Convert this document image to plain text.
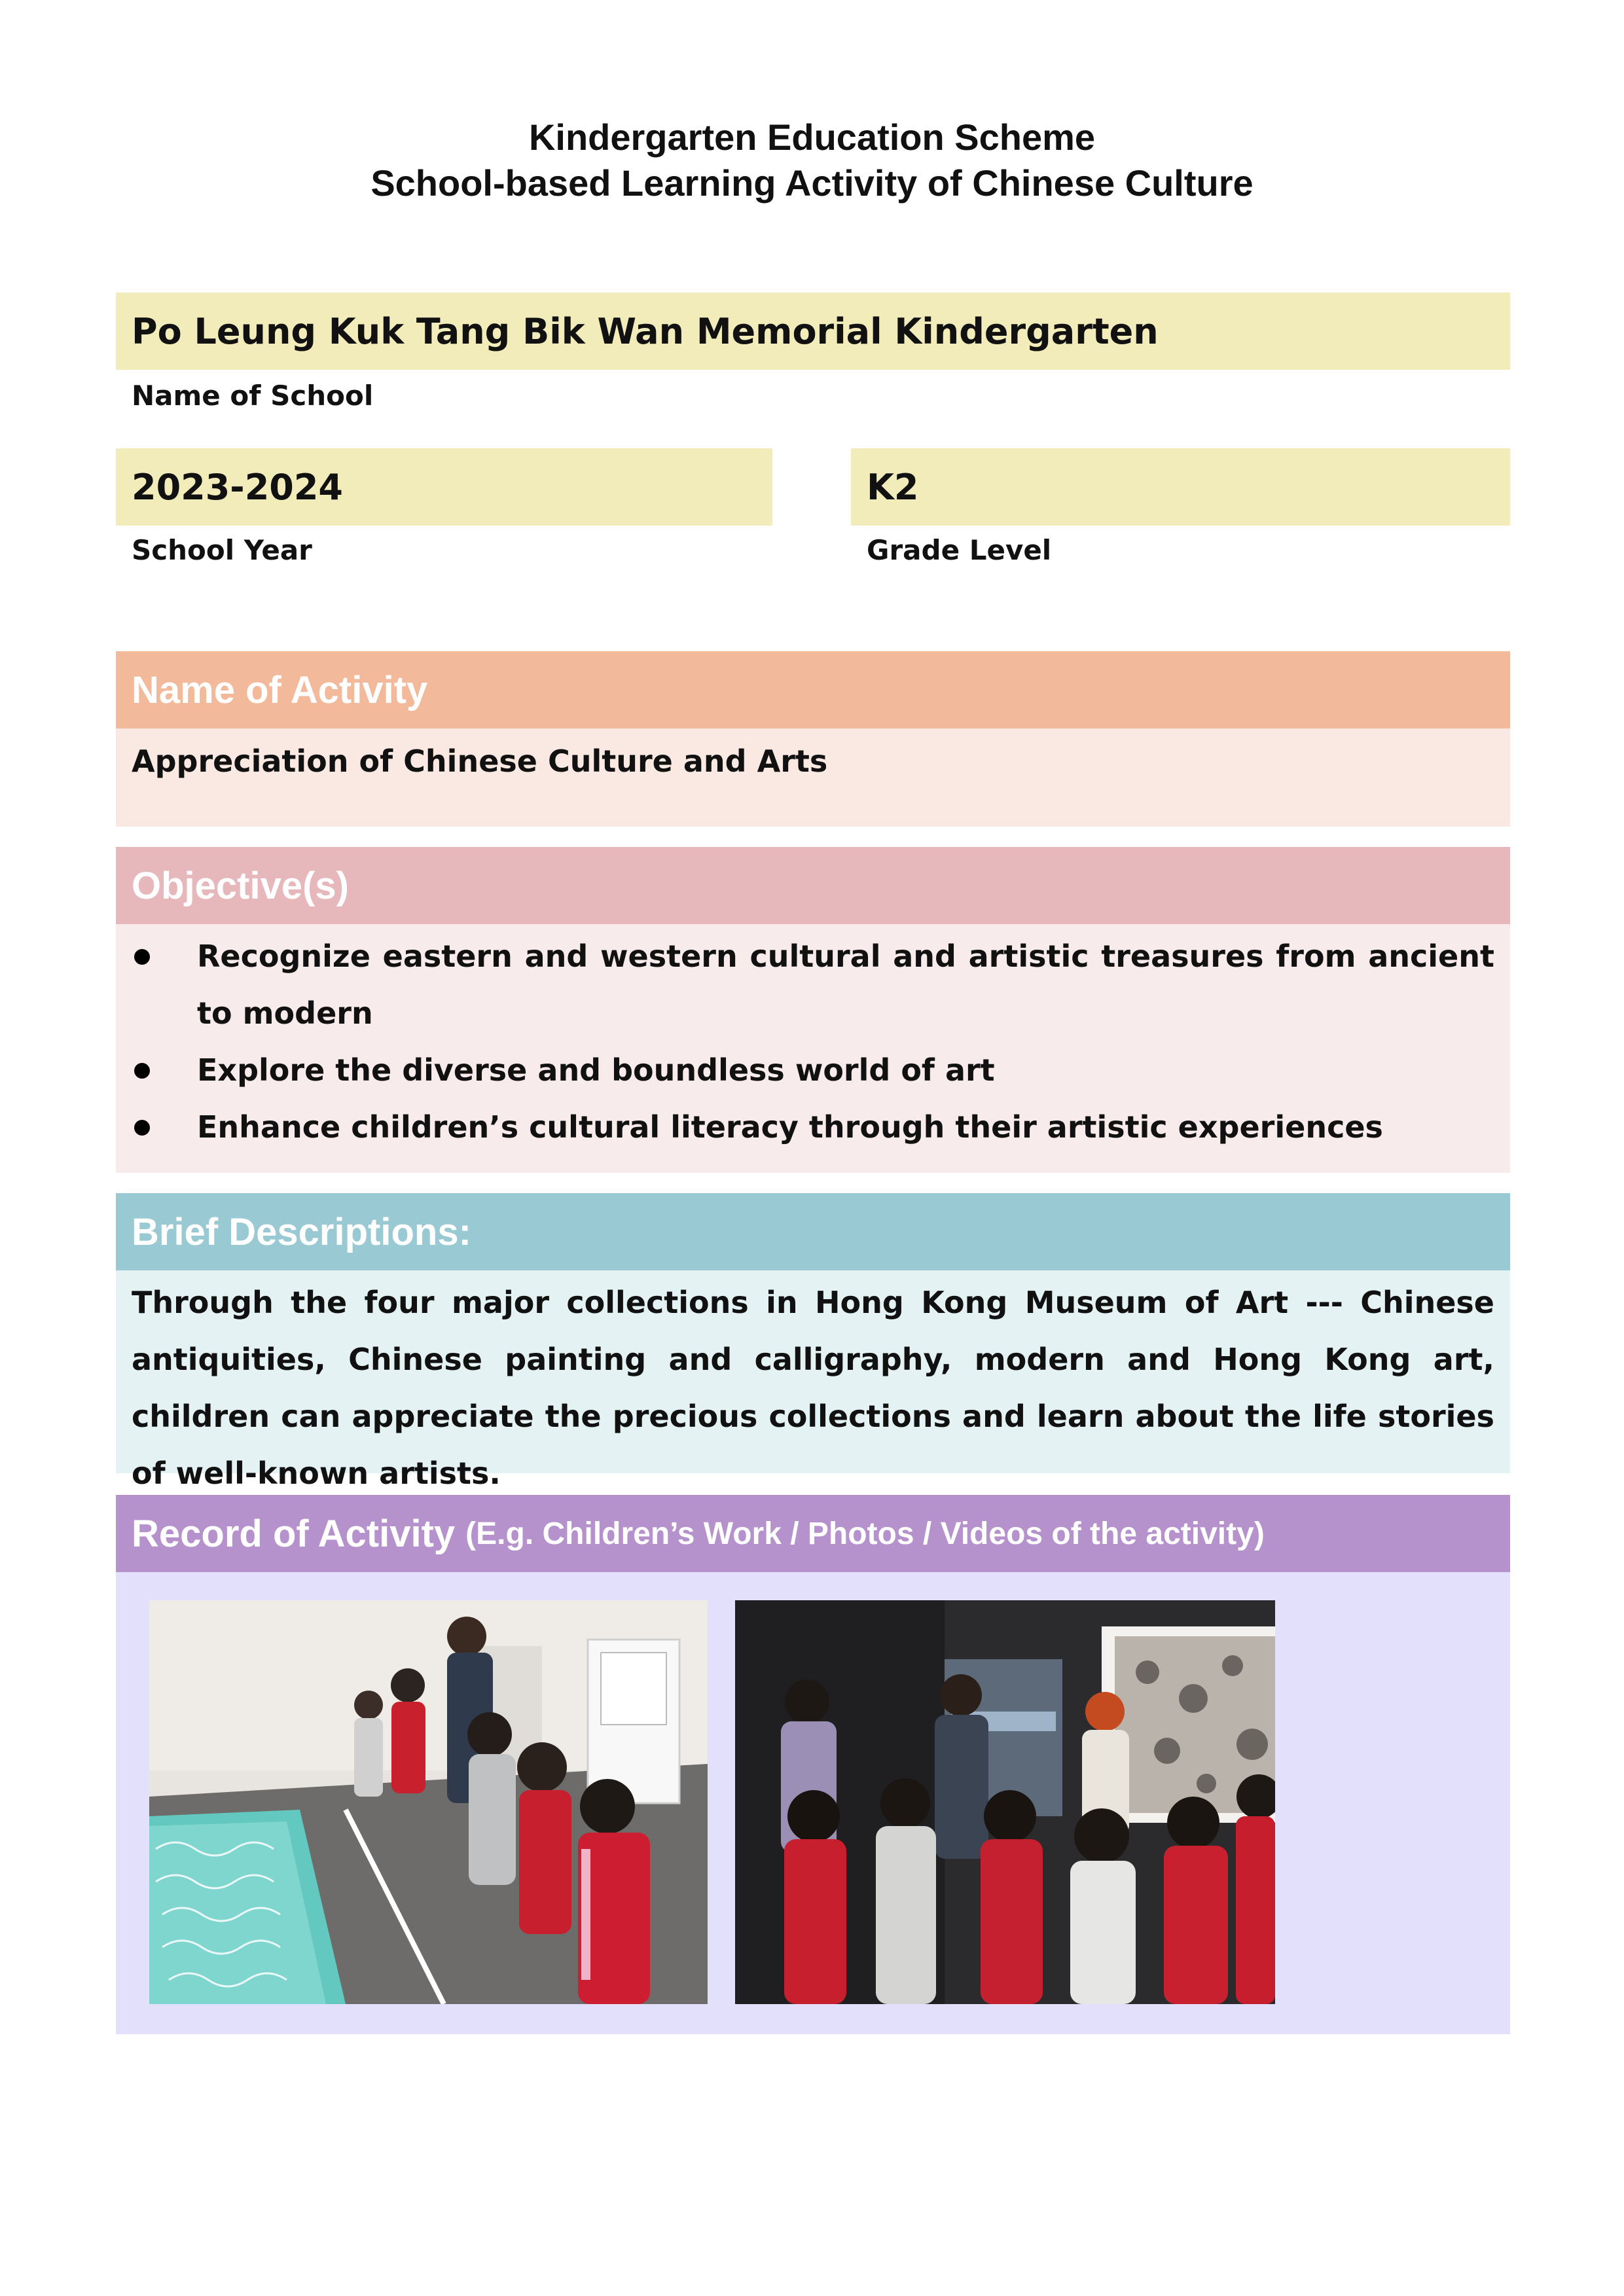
Kindergarten Education Scheme
School-based Learning Activity of Chinese Culture
Po Leung Kuk Tang Bik Wan Memorial Kindergarten
Name of School
2023-2024
School Year
K2
Grade Level
Name of Activity
Appreciation of Chinese Culture and Arts
Objective(s)
Recognize eastern and western cultural and artistic treasures from ancient to modern
Explore the diverse and boundless world of art
Enhance children’s cultural literacy through their artistic experiences
Brief Descriptions:
Through the four major collections in Hong Kong Museum of Art --- Chinese antiquities, Chinese painting and calligraphy, modern and Hong Kong art, children can appreciate the precious collections and learn about the life stories of well-known artists.
Record of Activity (E.g. Children’s Work / Photos / Videos of the activity)
